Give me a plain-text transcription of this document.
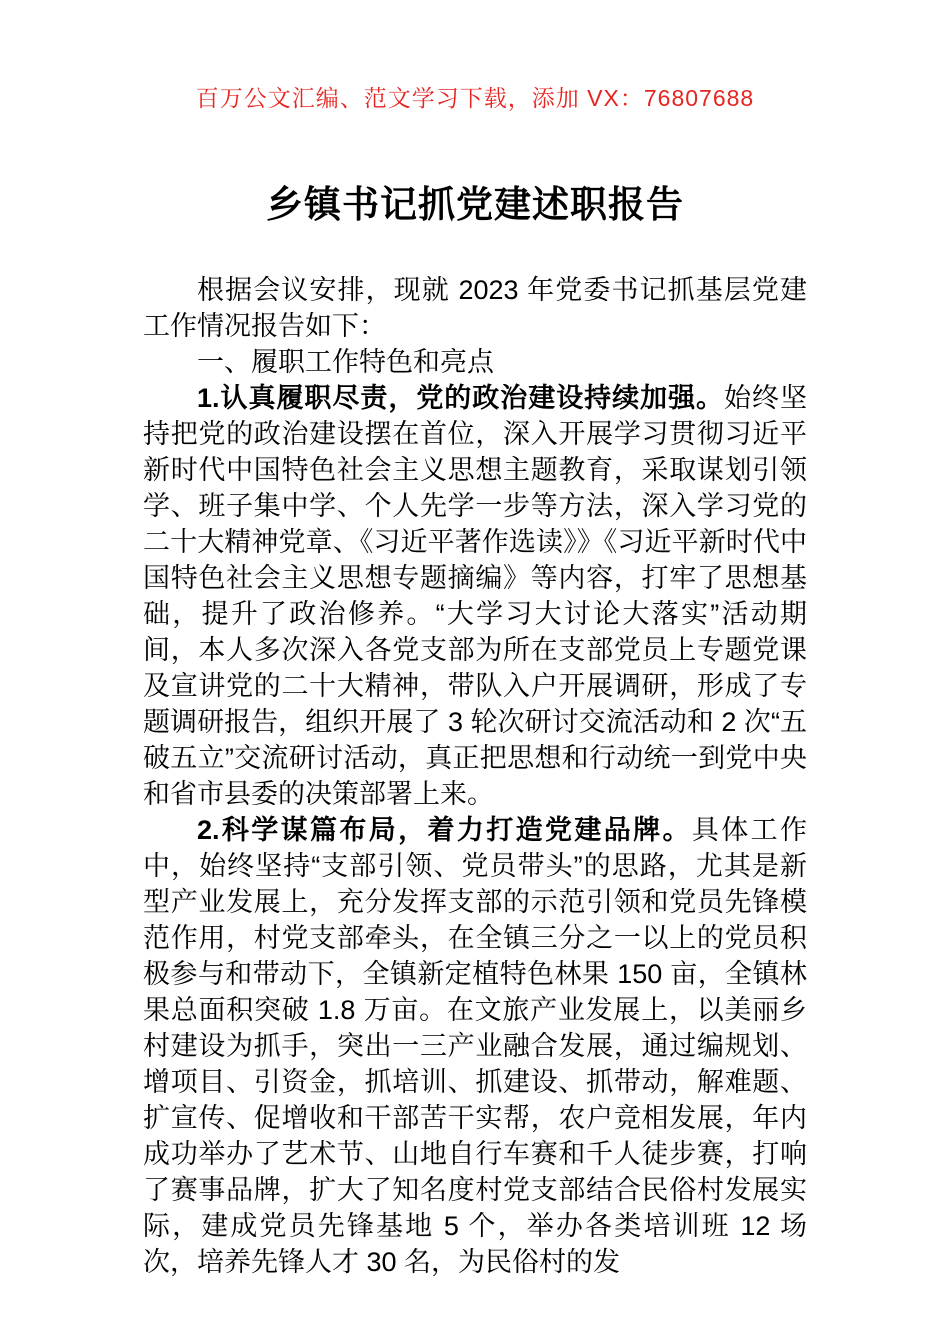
百万公文汇编、范文学习下载，添加 VX：76807688
乡镇书记抓党建述职报告

根据会议安排，现就 2023 年党委书记抓基层党建工作情况报告如下：

一、履职工作特色和亮点

1.认真履职尽责，党的政治建设持续加强。始终坚持把党的政治建设摆在首位，深入开展学习贯彻习近平新时代中国特色社会主义思想主题教育，采取谋划引领学、班子集中学、个人先学一步等方法，深入学习党的二十大精神党章、《习近平著作选读》》《习近平新时代中国特色社会主义思想专题摘编》等内容，打牢了思想基础，提升了政治修养。“大学习大讨论大落实”活动期间，本人多次深入各党支部为所在支部党员上专题党课及宣讲党的二十大精神，带队入户开展调研，形成了专题调研报告，组织开展了 3 轮次研讨交流活动和 2 次“五破五立”交流研讨活动，真正把思想和行动统一到党中央和省市县委的决策部署上来。

2.科学谋篇布局，着力打造党建品牌。具体工作中，始终坚持“支部引领、党员带头”的思路，尤其是新型产业发展上，充分发挥支部的示范引领和党员先锋模范作用，村党支部牵头，在全镇三分之一以上的党员积极参与和带动下，全镇新定植特色林果 150 亩，全镇林果总面积突破 1.8 万亩。在文旅产业发展上，以美丽乡村建设为抓手，突出一三产业融合发展，通过编规划、增项目、引资金，抓培训、抓建设、抓带动，解难题、扩宣传、促增收和干部苦干实帮，农户竞相发展，年内成功举办了艺术节、山地自行车赛和千人徒步赛，打响了赛事品牌，扩大了知名度村党支部结合民俗村发展实际，建成党员先锋基地 5 个，举办各类培训班 12 场次，培养先锋人才 30 名，为民俗村的发
